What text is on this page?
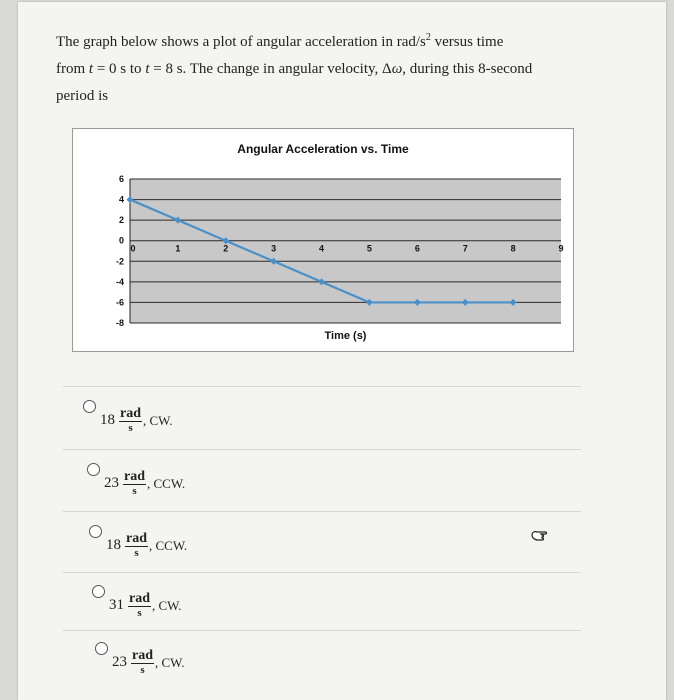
The graph below shows a plot of angular acceleration in rad/$s^2$ versus time
from t = 0 s to t = 8 s. The change in angular velocity, Δω, during this 8-second
period is
Angular Acceleration vs. Time
6
4
2
0
-2
-4
-6
-8
0	1	2	3	4	5	6	7	8	9
Time (s)
$18 \frac{\text{rad}}{s}$ , CW.
$23 \frac{\text{rad}}{s}$ , CCW.
$18 \frac{\text{rad}}{s}$ , CCW.
$31 \frac{\text{rad}}{s}$ , CW.
$23 \frac{\text{rad}}{s}$ , CW.
